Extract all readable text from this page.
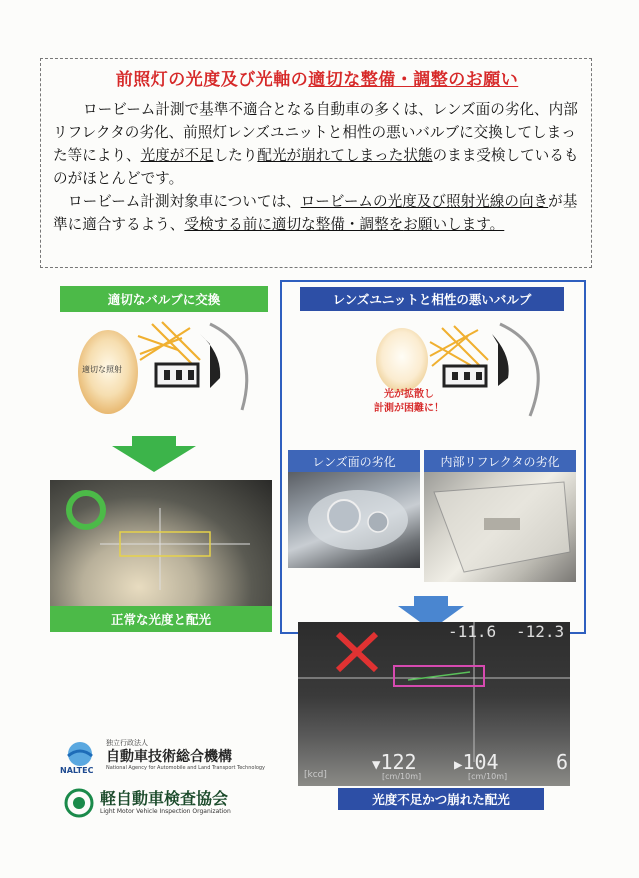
前照灯の光度及び光軸の適切な整備・調整のお願い
ロービーム計測で基準不適合となる自動車の多くは、レンズ面の劣化、内部リフレクタの劣化、前照灯レンズユニットと相性の悪いバルブに交換してしまった等により、光度が不足したり配光が崩れてしまった状態のまま受検しているものがほとんどです。
ロービーム計測対象車については、ロービームの光度及び照射光線の向きが基準に適合するよう、受検する前に適切な整備・調整をお願いします。
適切なバルブに交換
適切な照射
正常な光度と配光
レンズユニットと相性の悪いバルブ
光が拡散し
計測が困難に！
レンズ面の劣化	内部リフレクタの劣化
-11.6 -12.3
▼122	▶104	6
[kcd]	[cm/10m]	[cm/10m]
光度不足かつ崩れた配光
NALTEC
独立行政法人
自動車技術総合機構
National Agency for Automobile and Land Transport Technology
軽自動車検査協会
Light Motor Vehicle Inspection Organization
